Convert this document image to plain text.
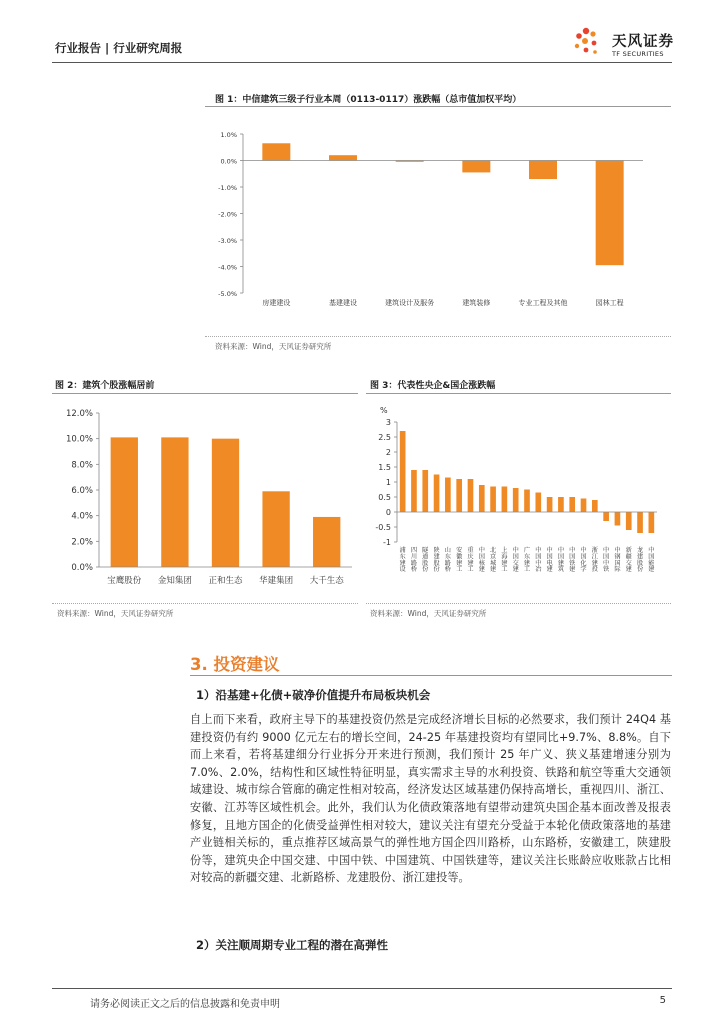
行业报告 | 行业研究周报	天风证券
TF SECURITIES
图 1：中信建筑三级子行业本周（0113-0117）涨跌幅（总市值加权平均）
1.0%
0.0%
-1.0%
-2.0%
-3.0%
-4.0%
-5.0%
房建建设	基建建设	建筑设计及服务	建筑装修	专业工程及其他	园林工程
资料来源：Wind，天风证券研究所
图 2：建筑个股涨幅居前
12.0%
10.0%
8.0%
6.0%
4.0%
2.0%
0.0%
宝鹰股份 金知集团 正和生态 华建集团 大千生态
资料来源：Wind，天风证券研究所
图 3：代表性央企&国企涨跌幅
%
3
2.5
2
1.5
1
0.5
0
-0.5
-1
浦
东
建
设
四
川
路
桥
隧
道
股
份
陕
建
股
份
山
东
路
桥
安
徽
建
工
重
庆
建
工
中
国
核
建
北
京
城
建
上
海
建
工
中
国
交
建
广
东
建
工
中
国
中
冶
中
国
电
建
中
国
建
筑
中
国
铁
建
中
国
化
学
浙
江
建
投
中
国
中
铁
中
钢
国
际
新
疆
交
建
龙
建
股
份
中
国
能
建
资料来源：Wind，天风证券研究所
3. 投资建议
1）沿基建+化债+破净价值提升布局板块机会
自上而下来看，政府主导下的基建投资仍然是完成经济增长目标的必然要求，我们预计 24Q4 基建投资仍有约 9000 亿元左右的增长空间，24-25 年基建投资均有望同比+9.7%、8.8%。自下而上来看，若将基建细分行业拆分开来进行预测，我们预计 25 年广义、狭义基建增速分别为 7.0%、2.0%，结构性和区域性特征明显，真实需求主导的水利投资、铁路和航空等重大交通领域建设、城市综合管廊的确定性相对较高，经济发达区域基建仍保持高增长，重视四川、浙江、安徽、江苏等区域性机会。此外，我们认为化债政策落地有望带动建筑央国企基本面改善及报表修复，且地方国企的化债受益弹性相对较大，建议关注有望充分受益于本轮化债政策落地的基建产业链相关标的，重点推荐区域高景气的弹性地方国企四川路桥，山东路桥，安徽建工，陕建股份等，建筑央企中国交建、中国中铁、中国建筑、中国铁建等，建议关注长账龄应收账款占比相对较高的新疆交建、北新路桥、龙建股份、浙江建投等。
2）关注顺周期专业工程的潜在高弹性
请务必阅读正文之后的信息披露和免责申明	5
